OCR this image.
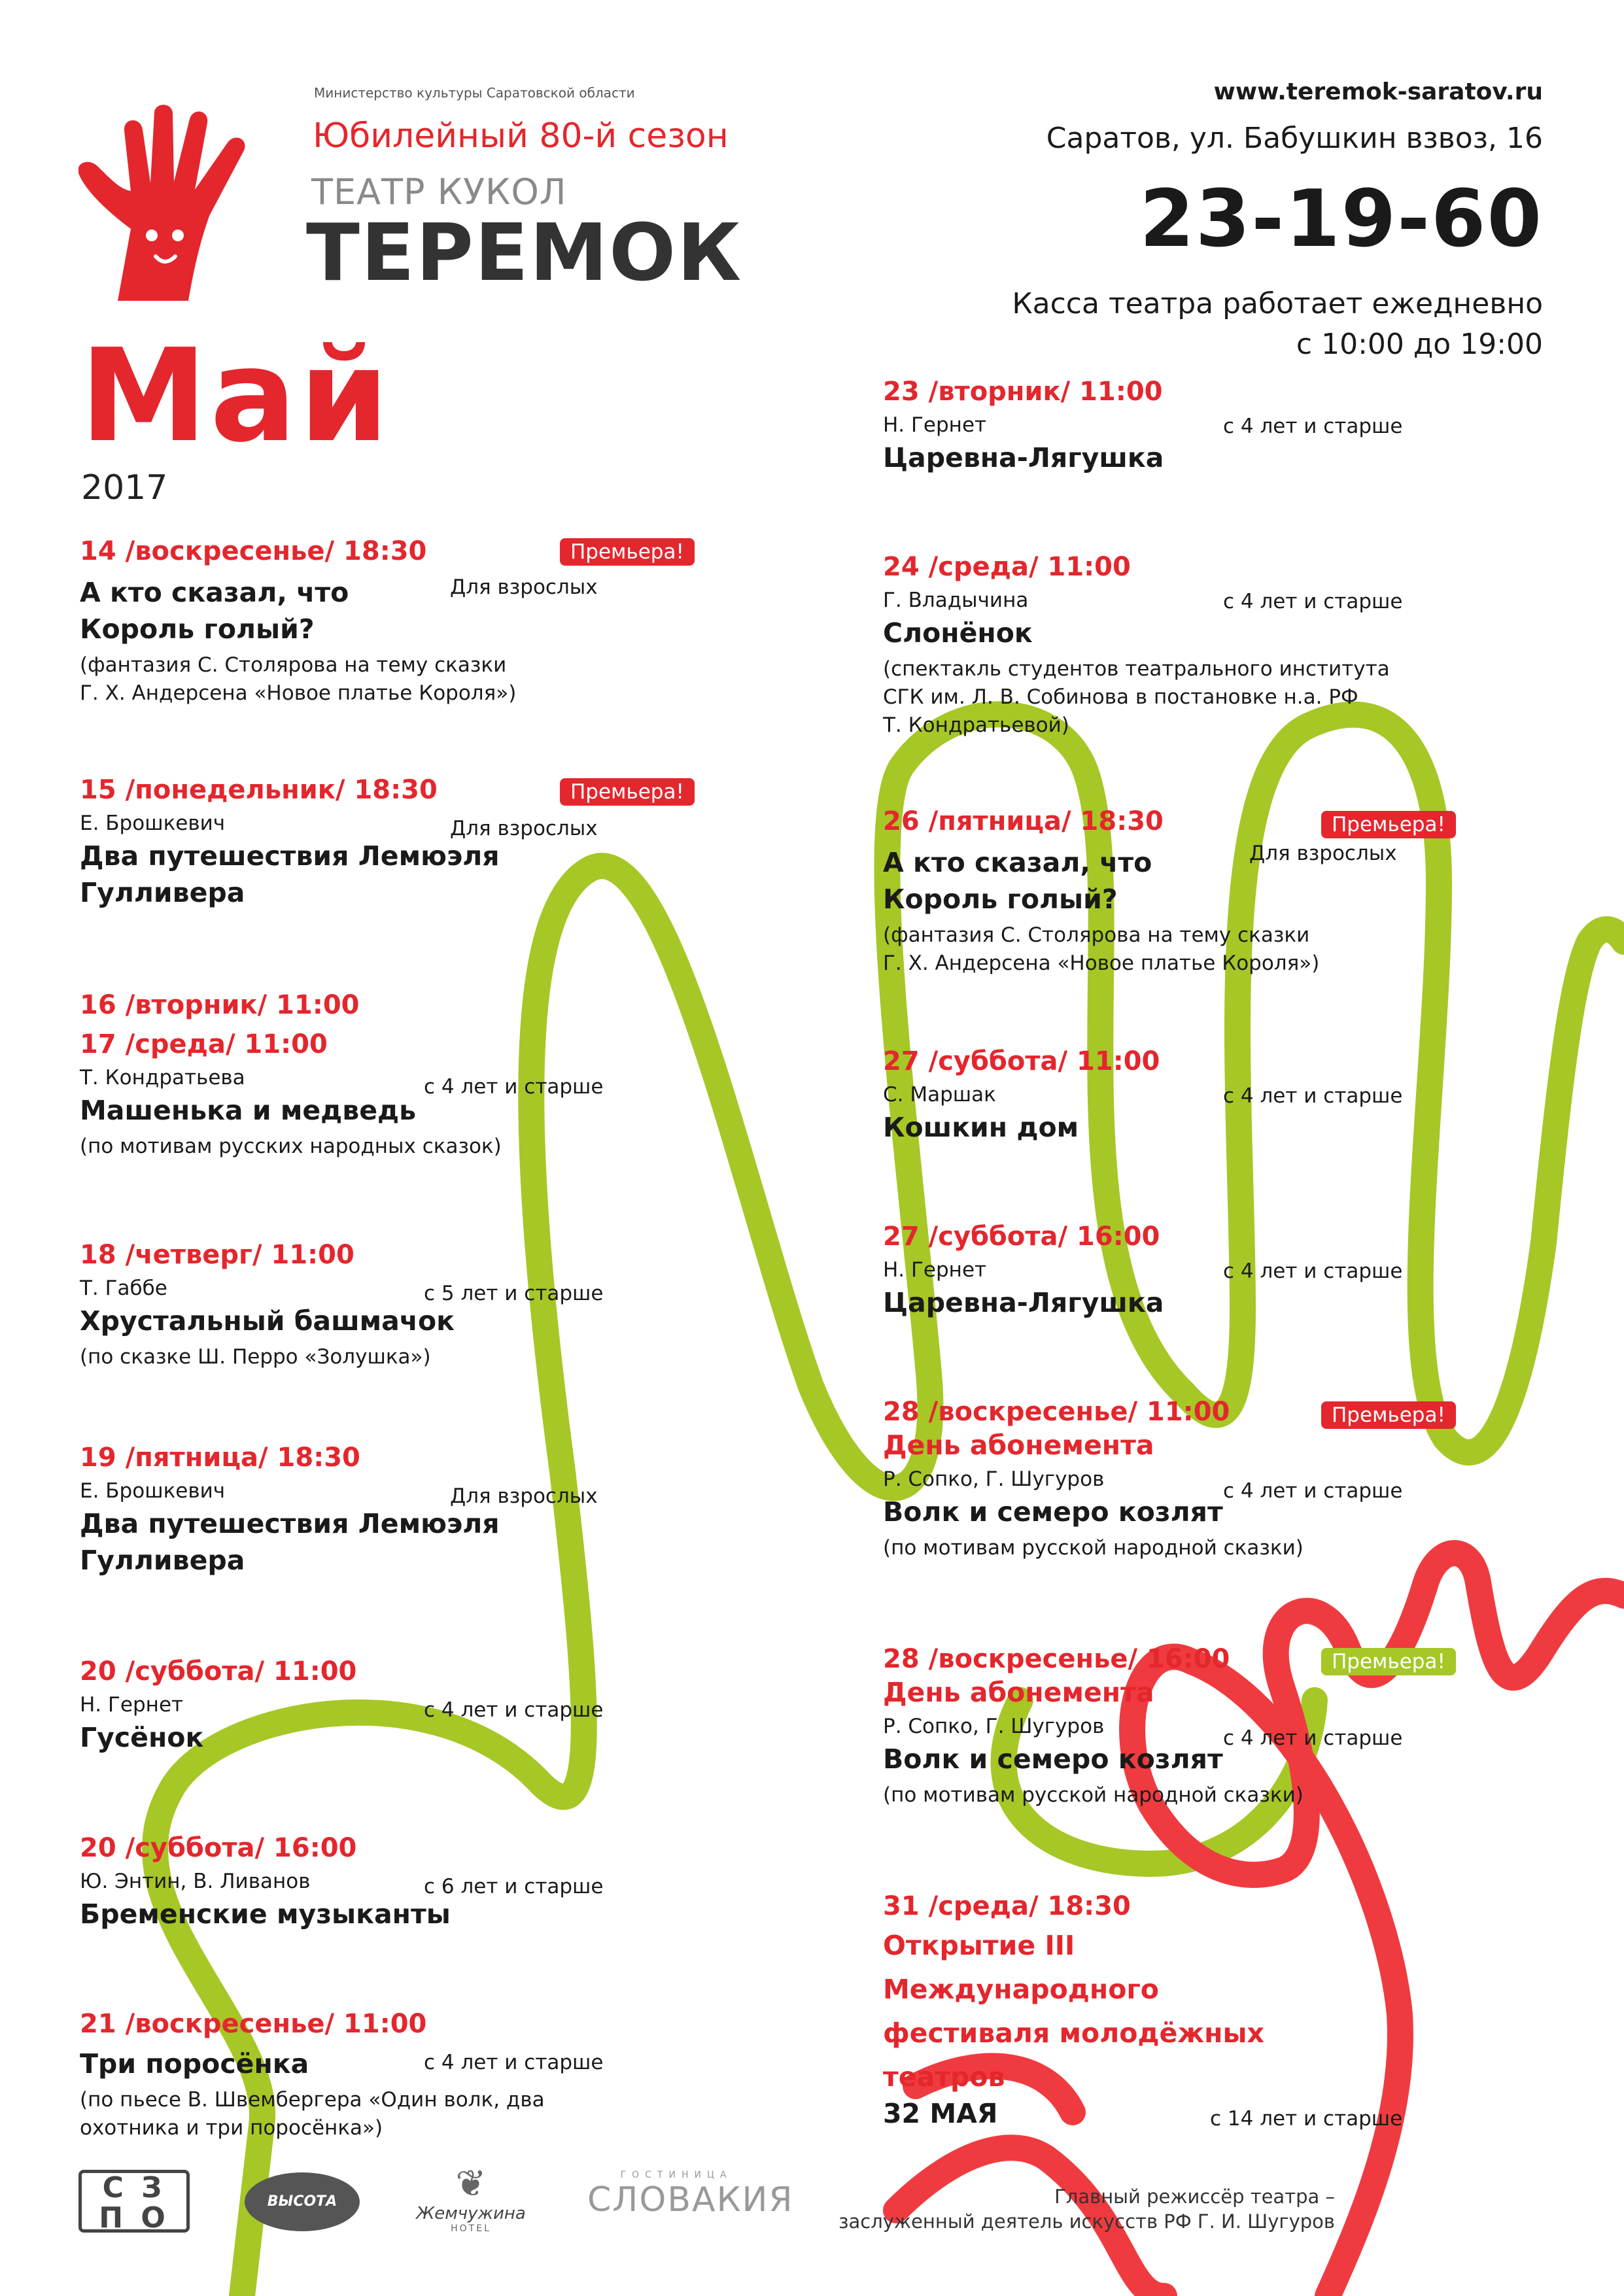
Министерство культуры Саратовской области
Юбилейный 80-й сезон
ТЕАТР КУКОЛ
ТЕРЕМОК
www.teremok-saratov.ru
Саратов, ул. Бабушкин взвоз, 16
23-19-60
Касса театра работает ежедневно
с 10:00 до 19:00
Май
2017
14 /воскресенье/ 18:30
Для взрослых
А кто сказал, что
Король голый?
(фантазия С. Столярова на тему сказки
Г. Х. Андерсена «Новое платье Короля»)
Премьера!
15 /понедельник/ 18:30
Для взрослых
Е. Брошкевич
Два путешествия Лемюэля
Гулливера
Премьера!
16 /вторник/ 11:00
17 /среда/ 11:00
с 4 лет и старше
Т. Кондратьева
Машенька и медведь
(по мотивам русских народных сказок)
18 /четверг/ 11:00
с 5 лет и старше
Т. Габбе
Хрустальный башмачок
(по сказке Ш. Перро «Золушка»)
19 /пятница/ 18:30
Для взрослых
Е. Брошкевич
Два путешествия Лемюэля
Гулливера
20 /суббота/ 11:00
с 4 лет и старше
Н. Гернет
Гусёнок
20 /суббота/ 16:00
с 6 лет и старше
Ю. Энтин, В. Ливанов
Бременские музыканты
21 /воскресенье/ 11:00
с 4 лет и старше
Три поросёнка
(по пьесе В. Швембергера «Один волк, два
охотника и три поросёнка»)
23 /вторник/ 11:00
с 4 лет и старше
Н. Гернет
Царевна-Лягушка
24 /среда/ 11:00
с 4 лет и старше
Г. Владычина
Слонёнок
(спектакль студентов театрального института
СГК им. Л. В. Собинова в постановке н.а. РФ
Т. Кондратьевой)
26 /пятница/ 18:30
Для взрослых
А кто сказал, что
Король голый?
(фантазия С. Столярова на тему сказки
Г. Х. Андерсена «Новое платье Короля»)
Премьера!
27 /суббота/ 11:00
с 4 лет и старше
С. Маршак
Кошкин дом
27 /суббота/ 16:00
с 4 лет и старше
Н. Гернет
Царевна-Лягушка
28 /воскресенье/ 11:00
День абонемента
с 4 лет и старше
Р. Сопко, Г. Шугуров
Волк и семеро козлят
(по мотивам русской народной сказки)
Премьера!
28 /воскресенье/ 16:00
День абонемента
с 4 лет и старше
Р. Сопко, Г. Шугуров
Волк и семеро козлят
(по мотивам русской народной сказки)
Премьера!
31 /среда/ 18:30
Открытие III
Международного
фестиваля молодёжных
театров
32 МАЯ	с 14 лет и старше
С З П О	ВЫСОТА	❦
Жемчужина
HOTEL
ГОСТИНИЦА
СЛОВАКИЯ	Главный режиссёр театра –
заслуженный деятель искусств РФ Г. И. Шугуров
